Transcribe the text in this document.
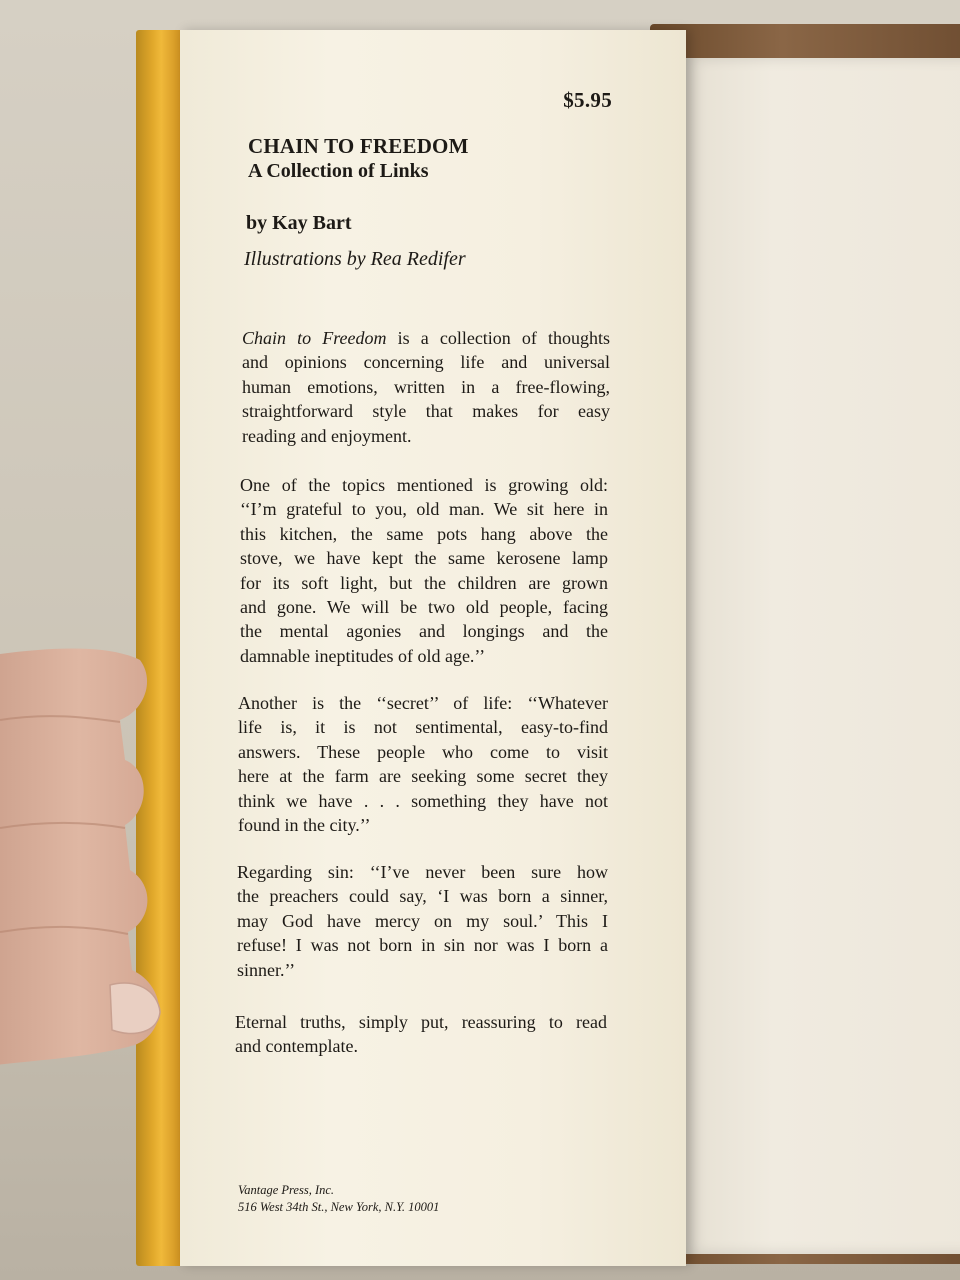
$5.95
CHAIN TO FREEDOM
A Collection of Links
by Kay Bart
Illustrations by Rea Redifer
Chain to Freedom is a collection of thoughts
and opinions concerning life and universal
human emotions, written in a free-flowing,
straightforward style that makes for easy
reading and enjoyment.
One of the topics mentioned is growing old:
‘‘I’m grateful to you, old man. We sit here in
this kitchen, the same pots hang above the
stove, we have kept the same kerosene lamp
for its soft light, but the children are grown
and gone. We will be two old people, facing
the mental agonies and longings and the
damnable ineptitudes of old age.’’
Another is the ‘‘secret’’ of life: ‘‘Whatever
life is, it is not sentimental, easy-to-find
answers. These people who come to visit
here at the farm are seeking some secret they
think we have . . . something they have not
found in the city.’’
Regarding sin: ‘‘I’ve never been sure how
the preachers could say, ‘I was born a sinner,
may God have mercy on my soul.’ This I
refuse! I was not born in sin nor was I born a
sinner.’’
Eternal truths, simply put, reassuring to read
and contemplate.
Vantage Press, Inc.
516 West 34th St., New York, N.Y. 10001
